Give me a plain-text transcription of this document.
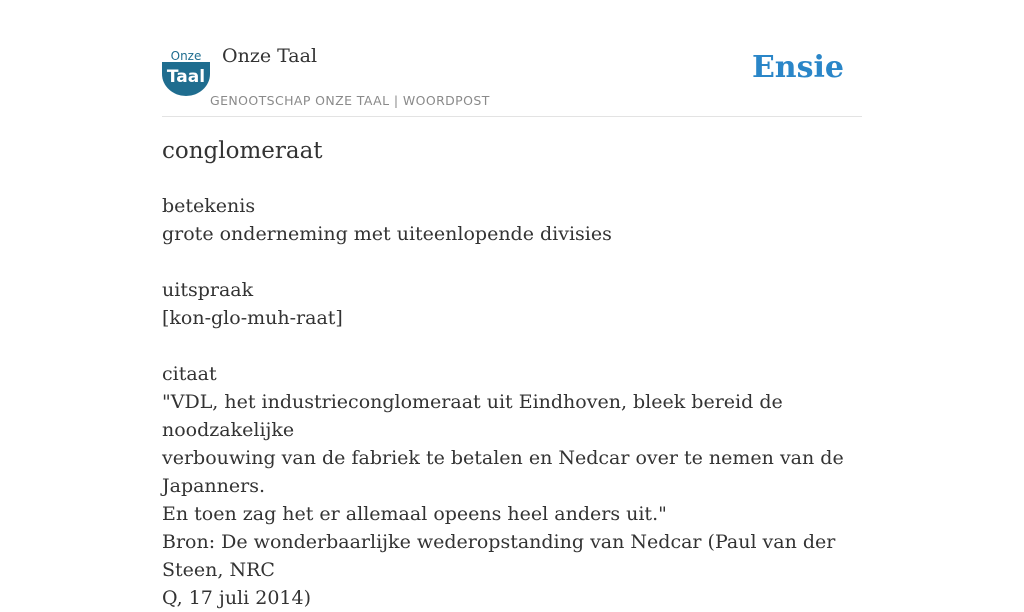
Onze
Taal
Onze Taal
GENOOTSCHAP ONZE TAAL | WOORDPOST
Ensie
conglomeraat
betekenis
grote onderneming met uiteenlopende divisies
uitspraak
[kon-glo-muh-raat]
citaat
"VDL, het industrieconglomeraat uit Eindhoven, bleek bereid de noodzakelijke
verbouwing van de fabriek te betalen en Nedcar over te nemen van de Japanners.
En toen zag het er allemaal opeens heel anders uit."
Bron: De wonderbaarlijke wederopstanding van Nedcar (Paul van der Steen, NRC
Q, 17 juli 2014)
